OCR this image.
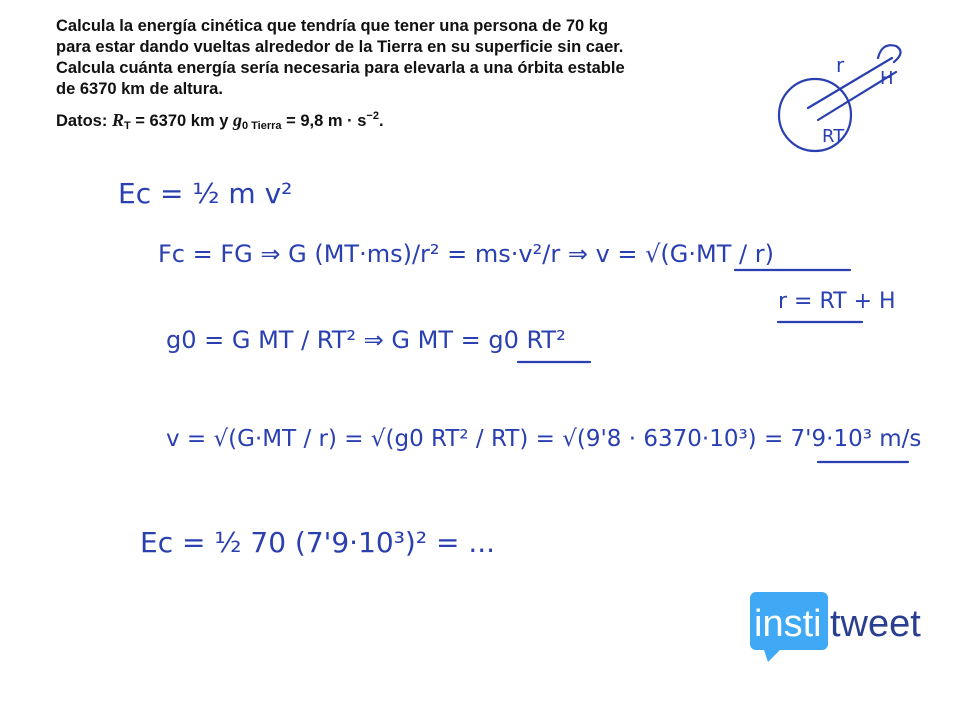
Calcula la energía cinética que tendría que tener una persona de 70 kg

para estar dando vueltas alrededor de la Tierra en su superficie sin caer.

Calcula cuánta energía sería necesaria para elevarla a una órbita estable

de 6370 km de altura.

Datos: $R_T = 6370$ km y $g_{0 Tierra} = 9,8$ $m \cdot s^{-2}$.

r
H
RT
Ec = ½ m v²
Fc = FG ⇒ G (MT·ms)/r² = ms·v²/r ⇒ v = √(G·MT / r)
r = RT + H
g0 = G MT / RT² ⇒ G MT = g0 RT²
v = √(G·MT / r) = √(g0 RT² / RT) = √(9'8 · 6370·10³) = 7'9·10³ m/s
Ec = ½ 70 (7'9·10³)² = ...
insti tweet
